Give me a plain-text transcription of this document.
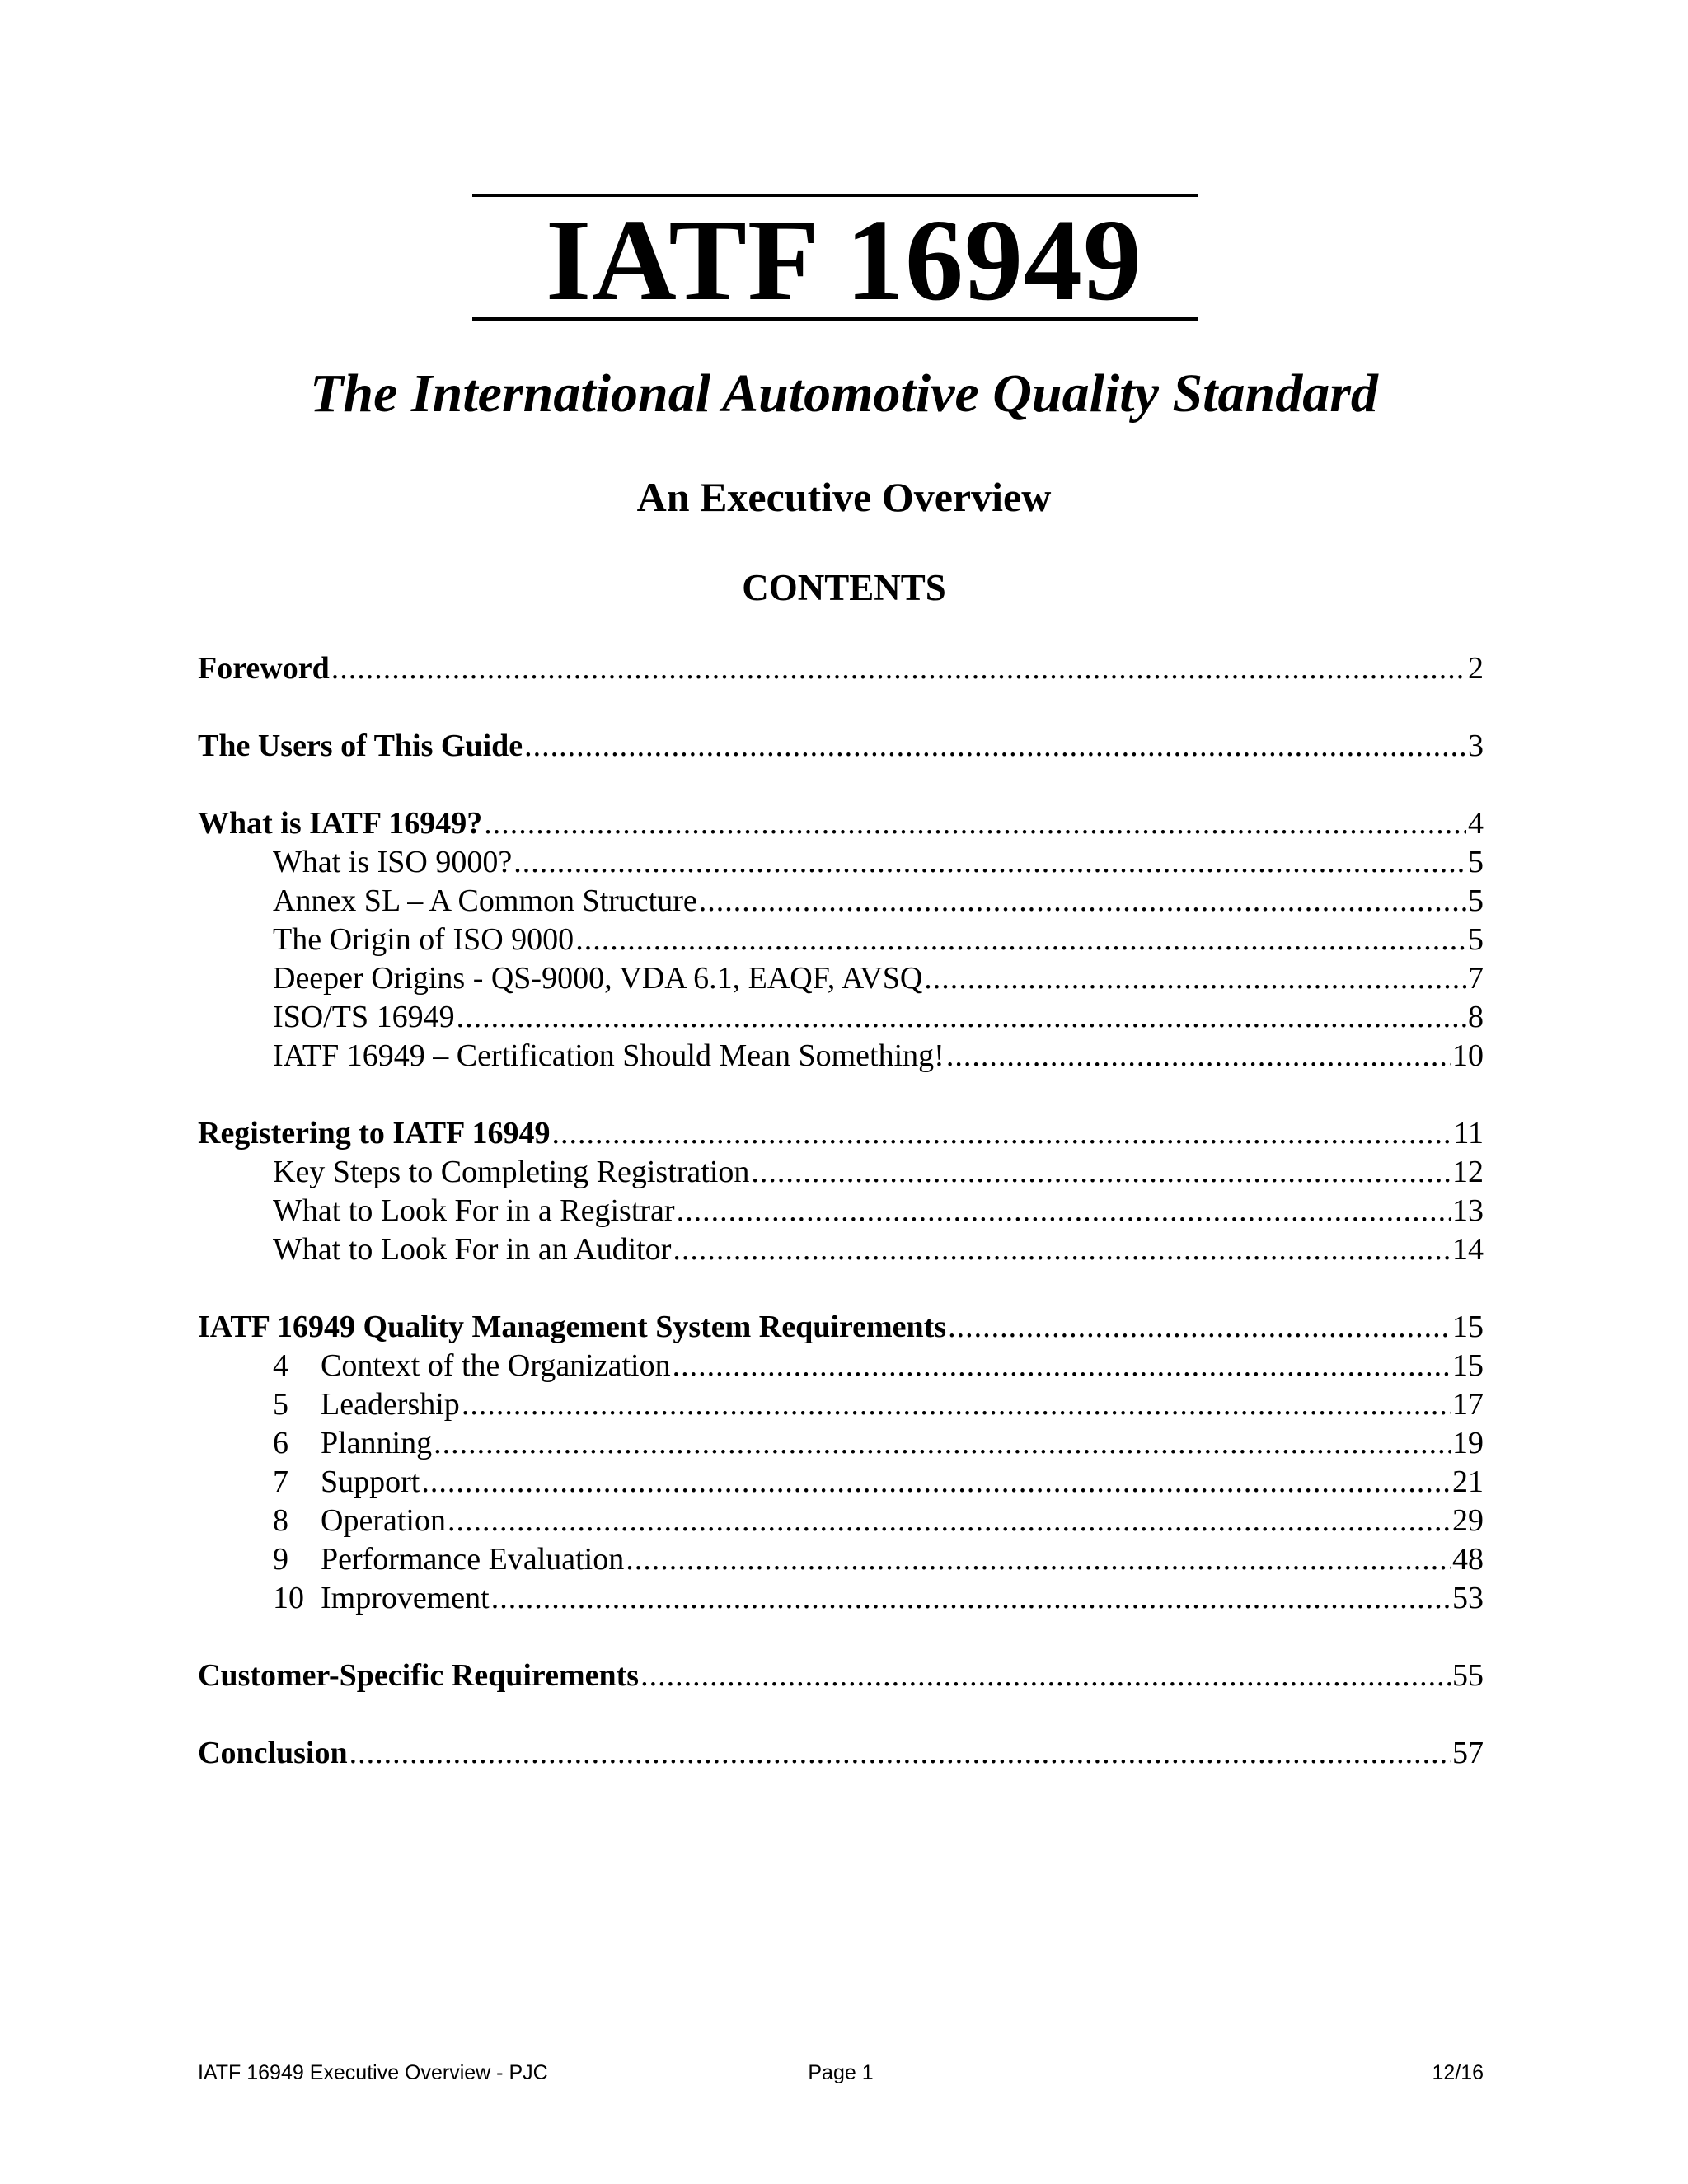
IATF 16949
The International Automotive Quality Standard
An Executive Overview
CONTENTS
Foreword .....	2
The Users of This Guide .....	3
What is IATF 16949? .....	4
What is ISO 9000? .....	5
Annex SL – A Common Structure .....	5
The Origin of ISO 9000 .....	5
Deeper Origins - QS-9000, VDA 6.1, EAQF, AVSQ .....	7
ISO/TS 16949 .....	8
IATF 16949 – Certification Should Mean Something! .....	10
Registering to IATF 16949 .....	11
Key Steps to Completing Registration .....	12
What to Look For in a Registrar .....	13
What to Look For in an Auditor .....	14
IATF 16949 Quality Management System Requirements .....	15
4	Context of the Organization .....	15
5	Leadership .....	17
6	Planning .....	19
7	Support .....	21
8	Operation .....	29
9	Performance Evaluation .....	48
10 Improvement .....	53
Customer-Specific Requirements .....	55
Conclusion .....	57
IATF 16949 Executive Overview - PJC	Page 1	12/16
